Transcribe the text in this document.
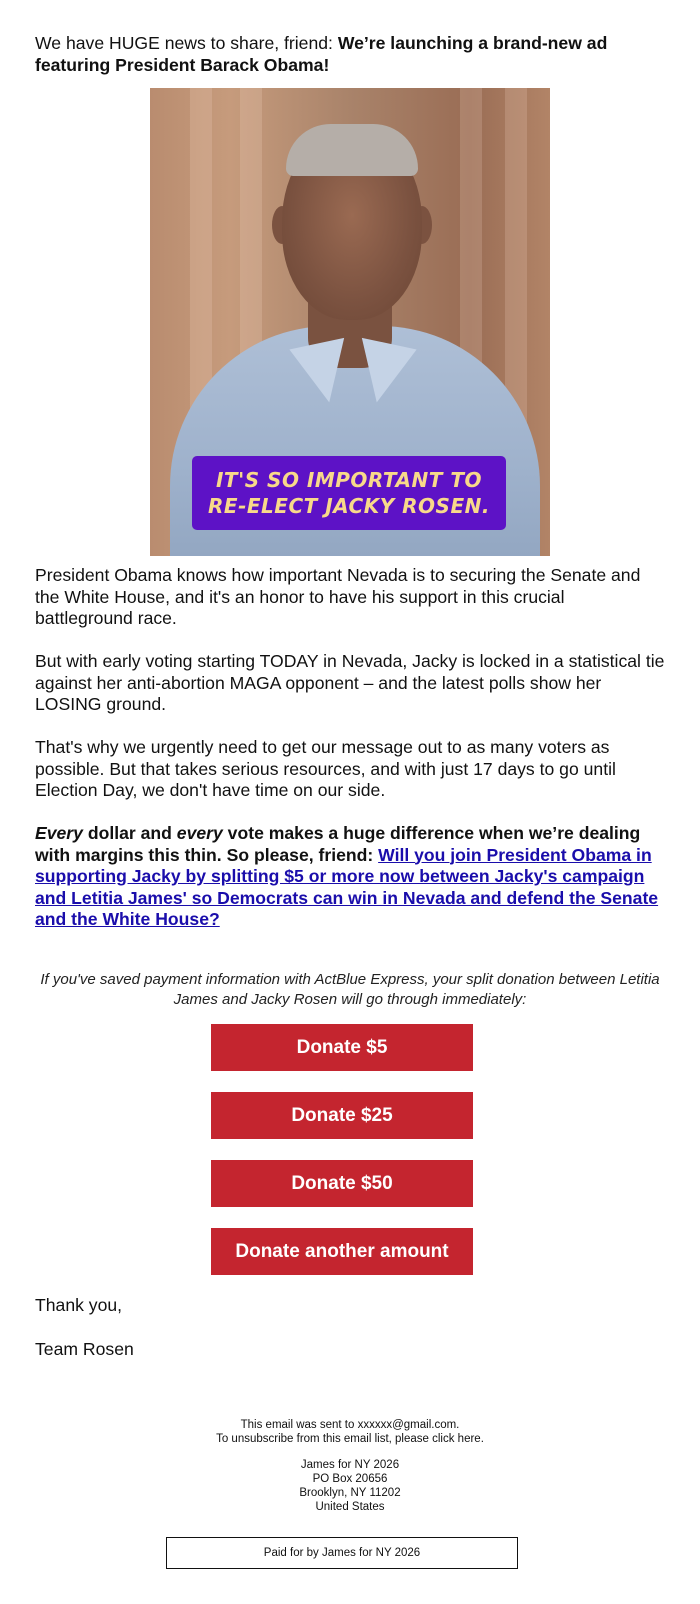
We have HUGE news to share, friend: We’re launching a brand-new ad featuring President Barack Obama!

IT'S SO IMPORTANT TO
RE-ELECT JACKY ROSEN.

President Obama knows how important Nevada is to securing the Senate and the White House, and it's an honor to have his support in this crucial battleground race.

But with early voting starting TODAY in Nevada, Jacky is locked in a statistical tie against her anti-abortion MAGA opponent – and the latest polls show her LOSING ground.

That's why we urgently need to get our message out to as many voters as possible. But that takes serious resources, and with just 17 days to go until Election Day, we don't have time on our side.

Every dollar and every vote makes a huge difference when we’re dealing with margins this thin. So please, friend: Will you join President Obama in supporting Jacky by splitting $5 or more now between Jacky's campaign and Letitia James' so Democrats can win in Nevada and defend the Senate and the White House?

If you've saved payment information with ActBlue Express, your split donation between Letitia James and Jacky Rosen will go through immediately:

Donate $5
Donate $25
Donate $50
Donate another amount

Thank you,

Team Rosen

This email was sent to xxxxxx@gmail.com.
To unsubscribe from this email list, please click here.
James for NY 2026
PO Box 20656
Brooklyn, NY 11202
United States
Paid for by James for NY 2026
